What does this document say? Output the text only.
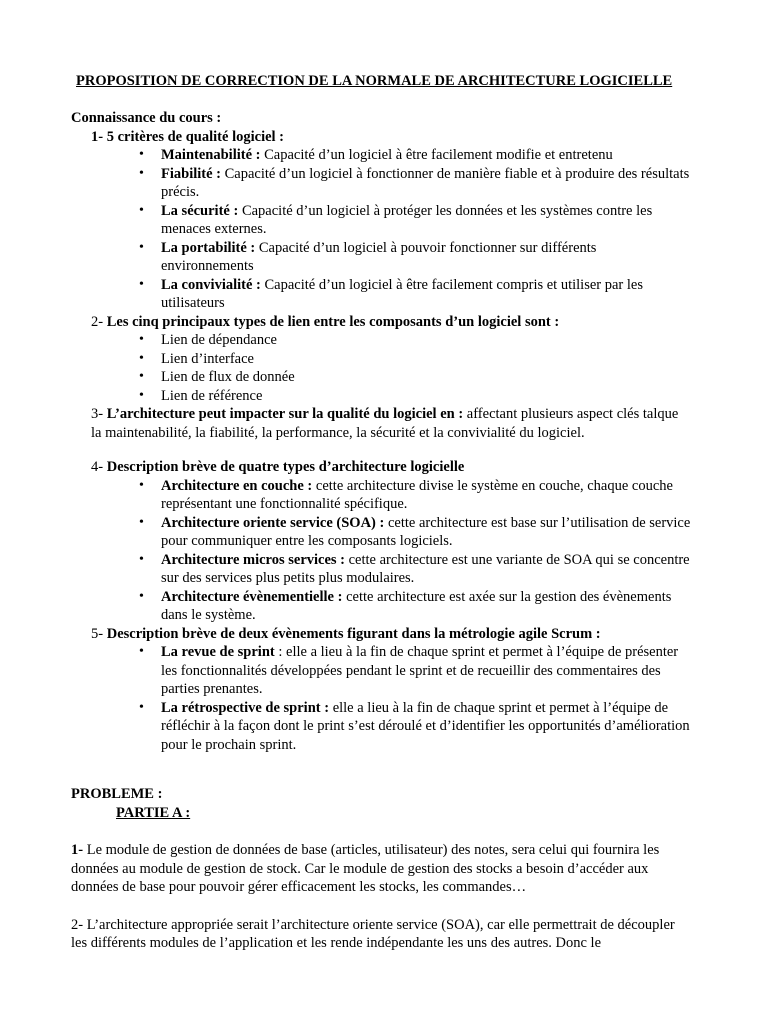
PROPOSITION DE CORRECTION DE LA NORMALE DE ARCHITECTURE LOGICIELLE

Connaissance du cours :

1- 5 critères de qualité logiciel :

• Maintenabilité : Capacité d’un logiciel à être facilement modifie et entretenu
• Fiabilité : Capacité d’un logiciel à fonctionner de manière fiable et à produire des résultats précis.
• La sécurité : Capacité d’un logiciel à protéger les données et les systèmes contre les menaces externes.
• La portabilité : Capacité d’un logiciel à pouvoir fonctionner sur différents environnements
• La convivialité : Capacité d’un logiciel à être facilement compris et utiliser par les utilisateurs

2- Les cinq principaux types de lien entre les composants d’un logiciel sont :

• Lien de dépendance
• Lien d’interface
• Lien de flux de donnée
• Lien de référence

3- L’architecture peut impacter sur la qualité du logiciel en : affectant plusieurs aspect clés talque la maintenabilité, la fiabilité, la performance, la sécurité et la convivialité du logiciel.

4- Description brève de quatre types d’architecture logicielle

• Architecture en couche : cette architecture divise le système en couche, chaque couche représentant une fonctionnalité spécifique.
• Architecture oriente service (SOA) : cette architecture est base sur l’utilisation de service pour communiquer entre les composants logiciels.
• Architecture micros services : cette architecture est une variante de SOA qui se concentre sur des services plus petits plus modulaires.
• Architecture évènementielle : cette architecture est axée sur la gestion des évènements dans le système.

5- Description brève de deux évènements figurant dans la métrologie agile Scrum :

• La revue de sprint : elle a lieu à la fin de chaque sprint et permet à l’équipe de présenter les fonctionnalités développées pendant le sprint et de recueillir des commentaires des parties prenantes.
• La rétrospective de sprint : elle a lieu à la fin de chaque sprint et permet à l’équipe de réfléchir à la façon dont le print s’est déroulé et d’identifier les opportunités d’amélioration pour le prochain sprint.

PROBLEME :

PARTIE A :

1- Le module de gestion de données de base (articles, utilisateur) des notes, sera celui qui fournira les données au module de gestion de stock. Car le module de gestion des stocks a besoin d’accéder aux données de base pour pouvoir gérer efficacement les stocks, les commandes…

2- L’architecture appropriée serait l’architecture oriente service (SOA), car elle permettrait de découpler les différents modules de l’application et les rende indépendante les uns des autres. Donc le
